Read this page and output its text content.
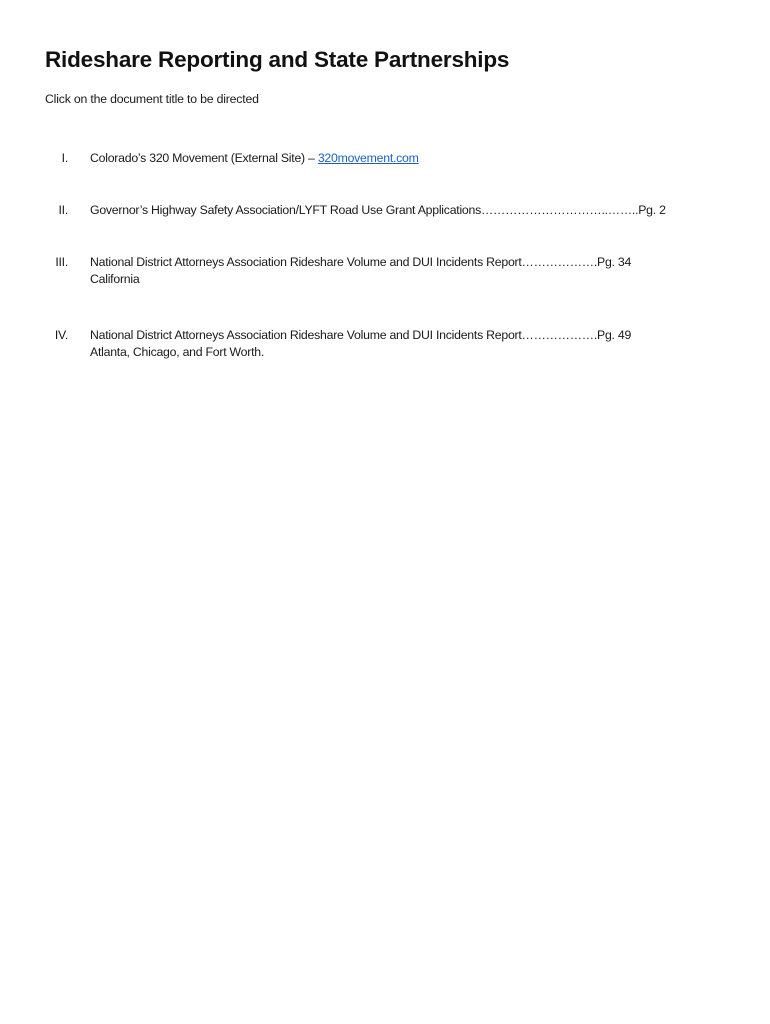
Rideshare Reporting and State Partnerships
Click on the document title to be directed
I. Colorado’s 320 Movement (External Site) – 320movement.com
II. Governor’s Highway Safety Association/LYFT Road Use Grant Applications…………………………..……..Pg. 2
III. National District Attorneys Association Rideshare Volume and DUI Incidents Report……………….Pg. 34
California
IV. National District Attorneys Association Rideshare Volume and DUI Incidents Report……………….Pg. 49
Atlanta, Chicago, and Fort Worth.
